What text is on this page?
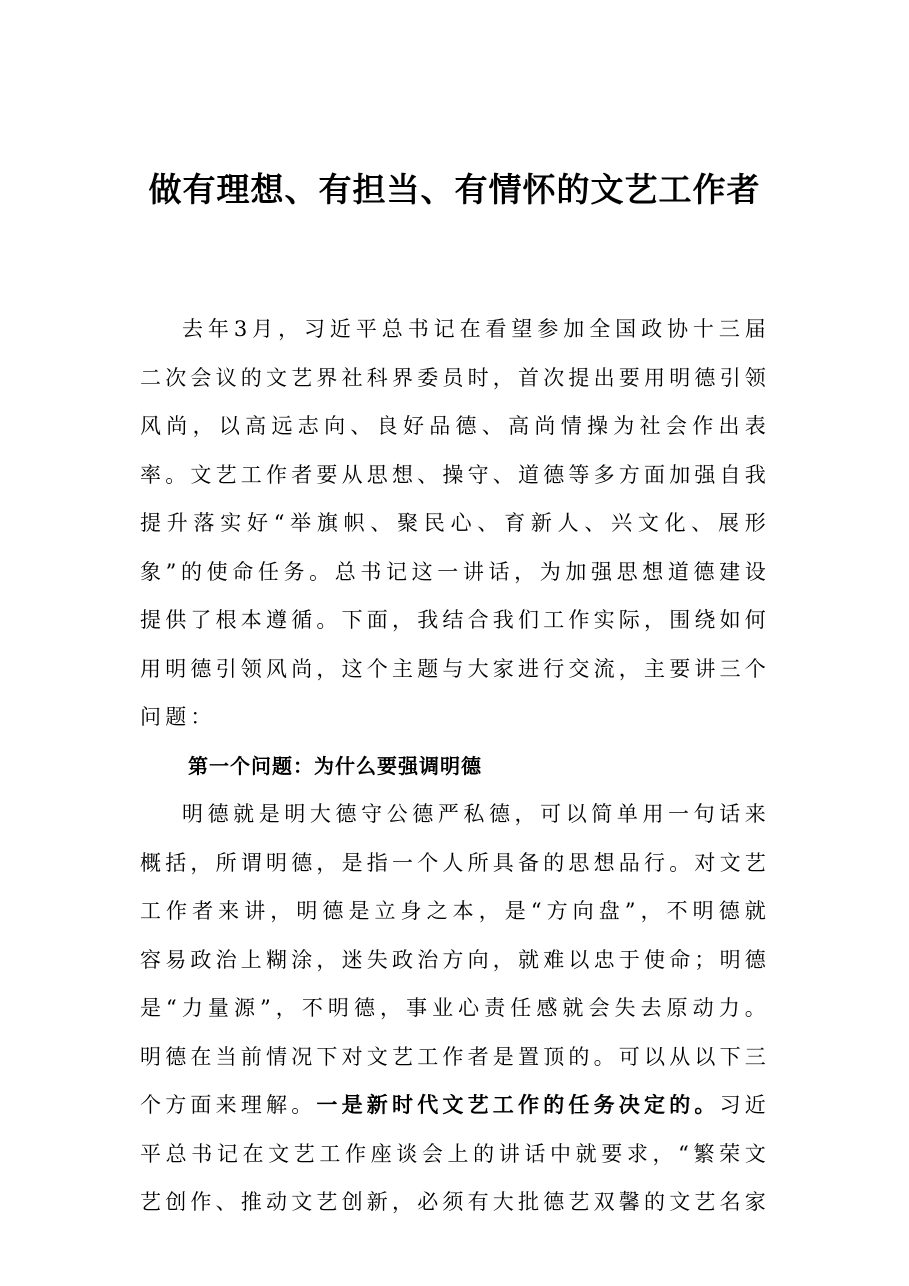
做有理想、有担当、有情怀的文艺工作者

去年3月，习近平总书记在看望参加全国政协十三届二次会议的文艺界社科界委员时，首次提出要用明德引领风尚，以高远志向、良好品德、高尚情操为社会作出表率。文艺工作者要从思想、操守、道德等多方面加强自我提升落实好“举旗帜、聚民心、育新人、兴文化、展形象”的使命任务。总书记这一讲话，为加强思想道德建设提供了根本遵循。下面，我结合我们工作实际，围绕如何用明德引领风尚，这个主题与大家进行交流，主要讲三个问题：

第一个问题：为什么要强调明德

明德就是明大德守公德严私德，可以简单用一句话来概括，所谓明德，是指一个人所具备的思想品行。对文艺工作者来讲，明德是立身之本，是“方向盘”，不明德就容易政治上糊涂，迷失政治方向，就难以忠于使命；明德是“力量源”，不明德，事业心责任感就会失去原动力。明德在当前情况下对文艺工作者是置顶的。可以从以下三个方面来理解。一是新时代文艺工作的任务决定的。习近平总书记在文艺工作座谈会上的讲话中就要求，“繁荣文艺创作、推动文艺创新，必须有大批德艺双馨的文艺名家
